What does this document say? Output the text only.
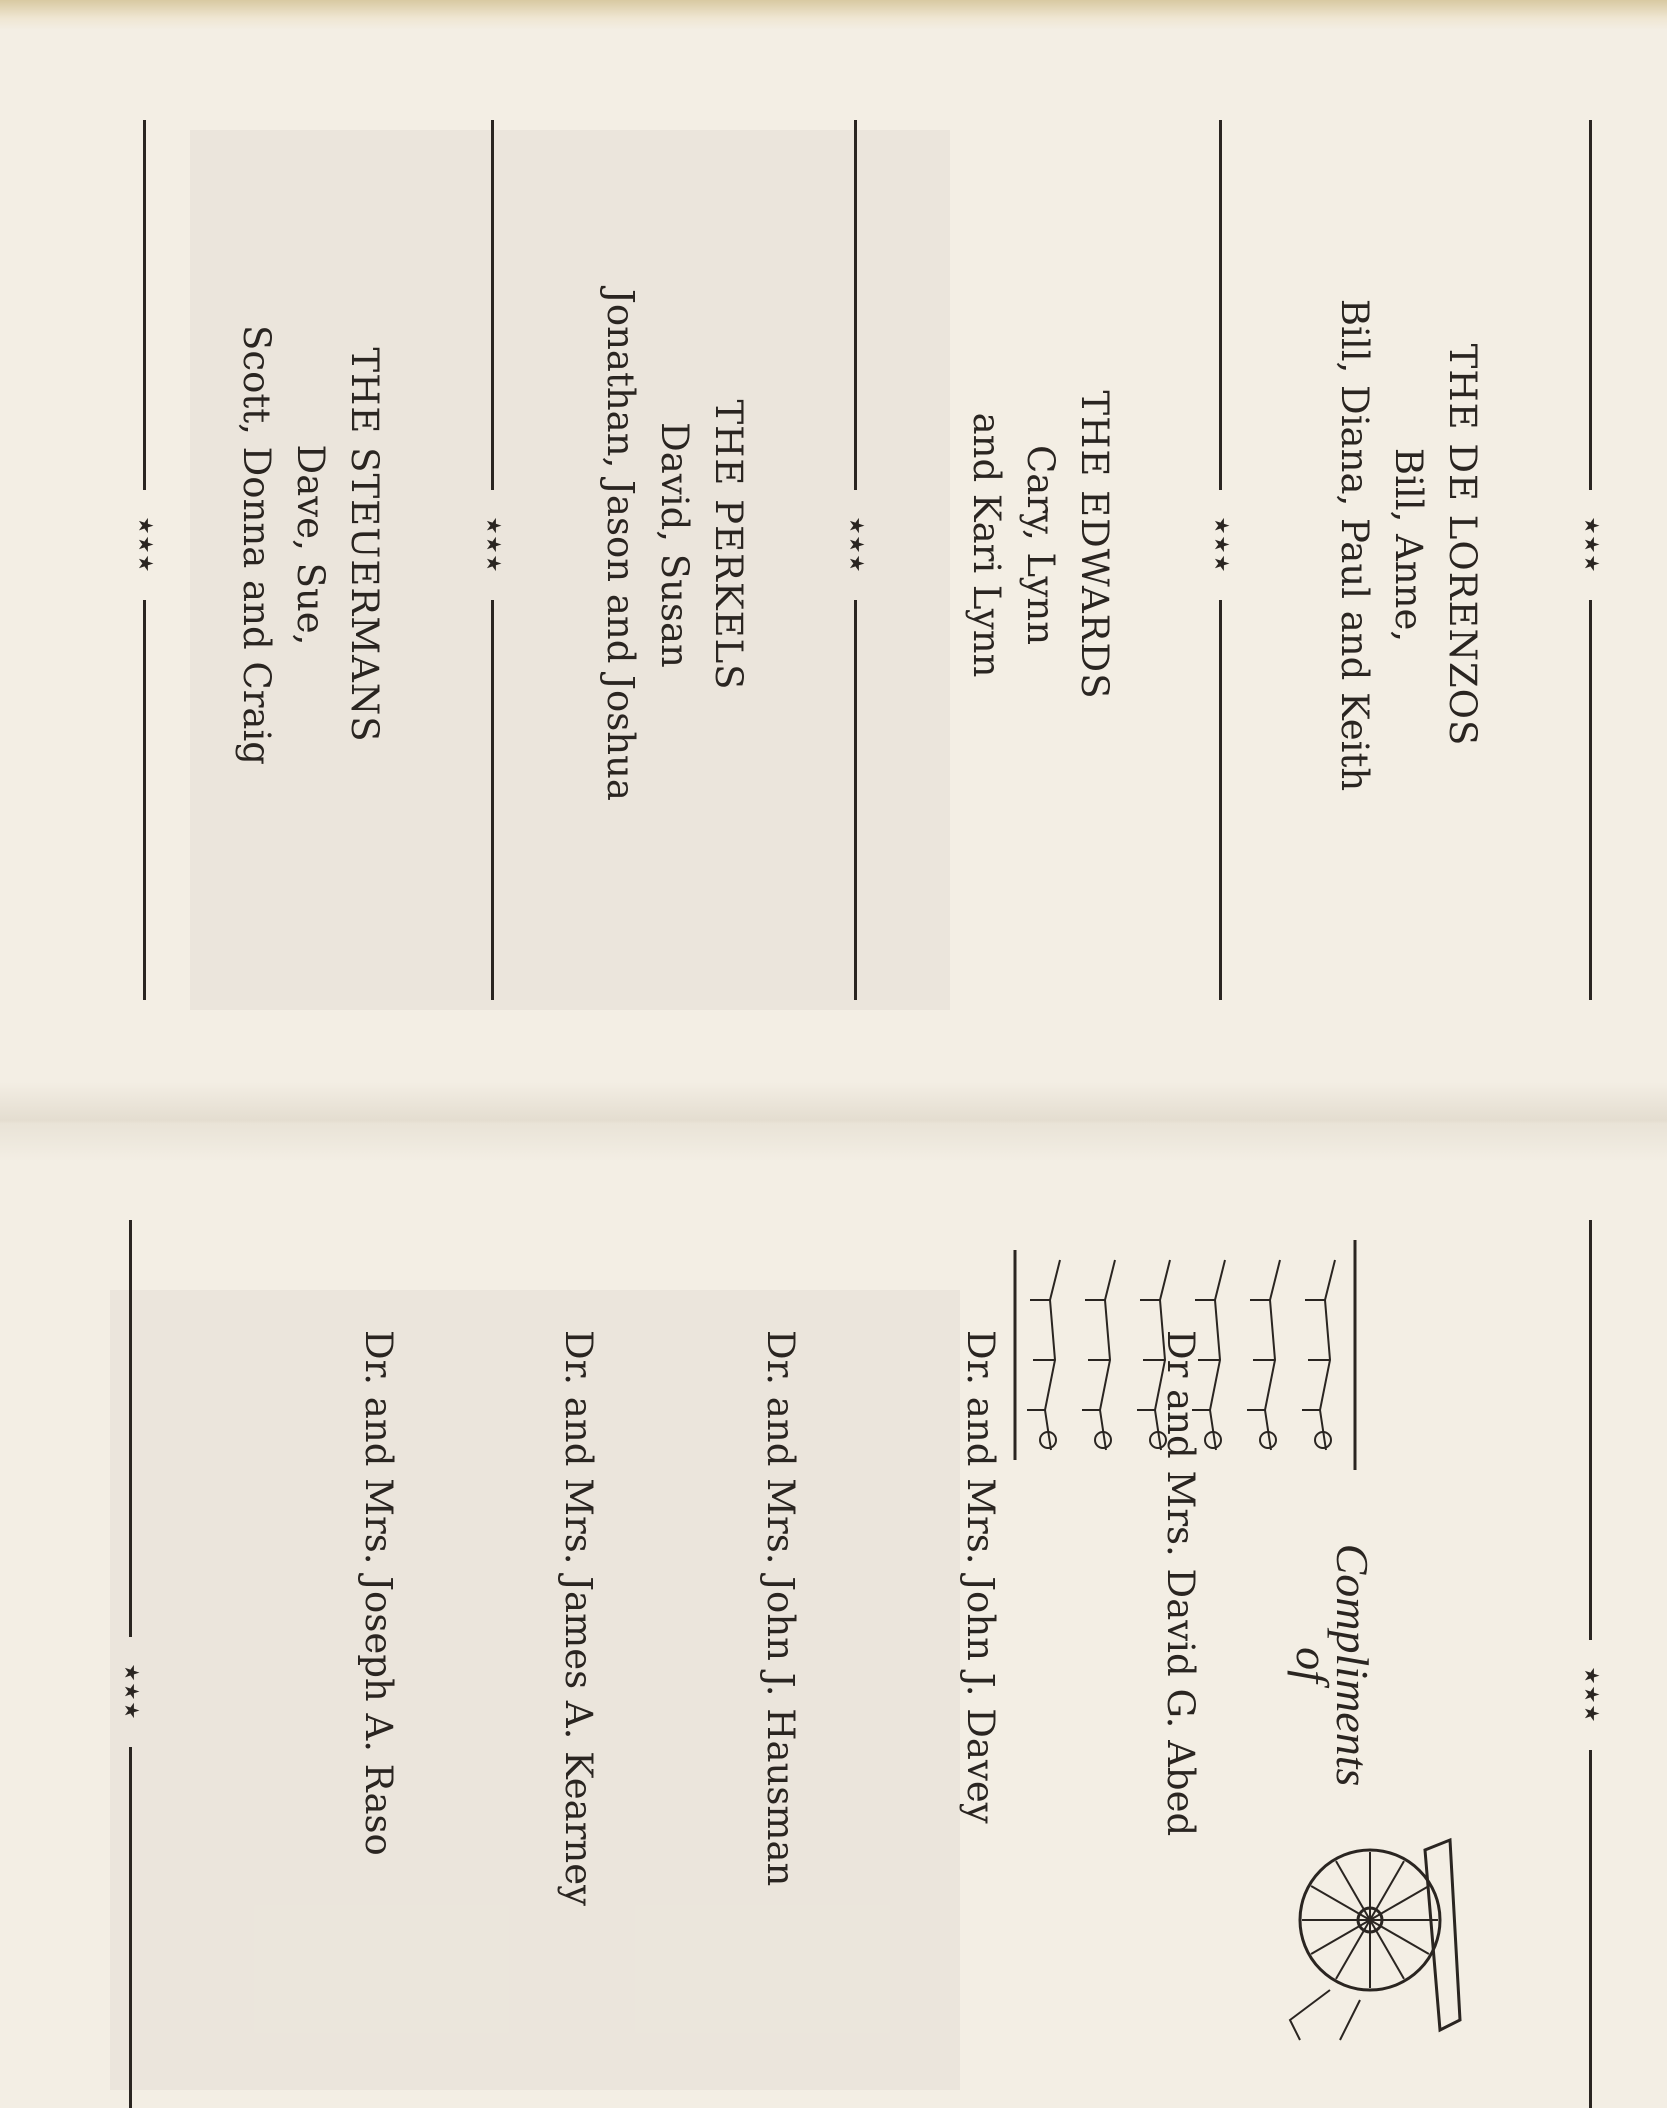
★★★
★★★
★★★
★★★
★★★	THE DE LORENZOS
Bill, Anne,
Bill, Diana, Paul and Keith
THE EDWARDS
Cary, Lynn
and Kari Lynn
THE PERKELS
David, Susan
Jonathan, Jason and Joshua
THE STEUERMANS
Dave, Sue,
Scott, Donna and Craig
★★★
★★★	Compliments
of
Dr and Mrs. David G. Abed
Dr. and Mrs. John J. Davey
Dr. and Mrs. John J. Hausman
Dr. and Mrs. James A. Kearney
Dr. and Mrs. Joseph A. Raso
